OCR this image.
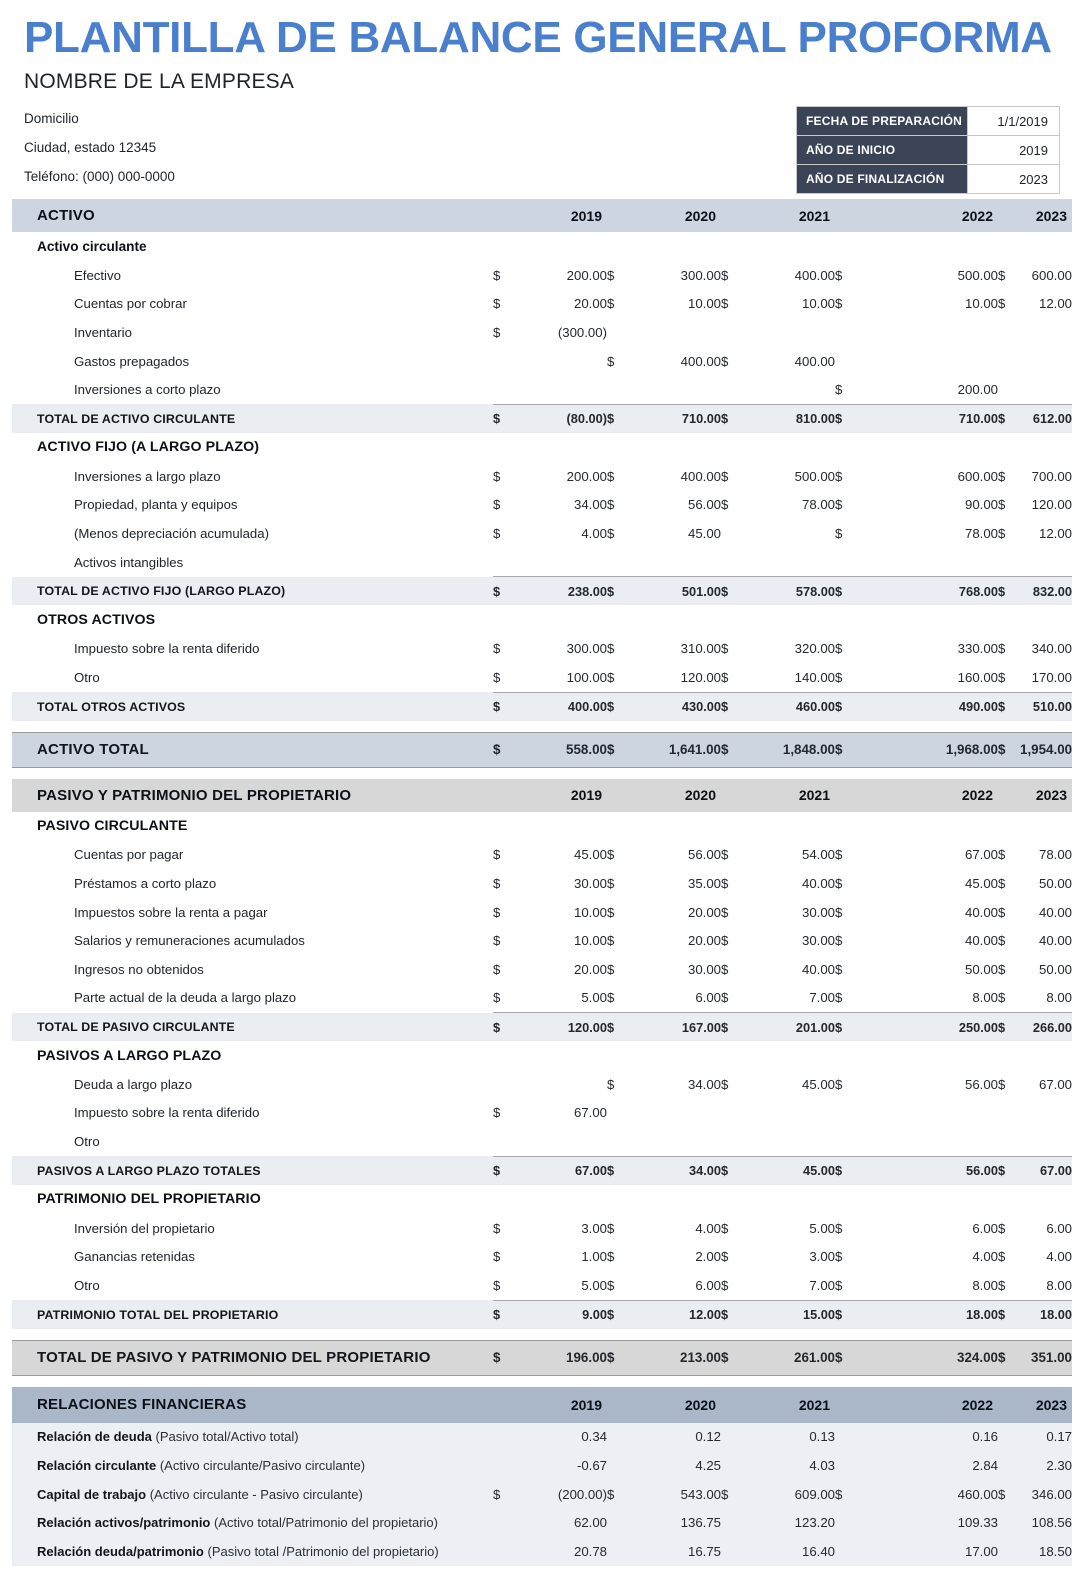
PLANTILLA DE BALANCE GENERAL PROFORMA
NOMBRE DE LA EMPRESA
Domicilio
Ciudad, estado 12345
Teléfono: (000) 000-0000
FECHA DE PREPARACIÓN	1/1/2019
AÑO DE INICIO	2019
AÑO DE FINALIZACIÓN	2023
ACTIVO		2019		2020		2021		2022		2023
Activo circulante										
Efectivo	$	200.00	$	300.00	$	400.00	$	500.00	$	600.00
Cuentas por cobrar	$	20.00	$	10.00	$	10.00	$	10.00	$	12.00
Inventario	$	(300.00)								
Gastos prepagados			$	400.00	$	400.00				
Inversiones a corto plazo							$	200.00		
TOTAL DE ACTIVO CIRCULANTE	$	(80.00)	$	710.00	$	810.00	$	710.00	$	612.00
ACTIVO FIJO (A LARGO PLAZO)										
Inversiones a largo plazo	$	200.00	$	400.00	$	500.00	$	600.00	$	700.00
Propiedad, planta y equipos	$	34.00	$	56.00	$	78.00	$	90.00	$	120.00
(Menos depreciación acumulada)	$	4.00	$	45.00			$	78.00	$	12.00
Activos intangibles										
TOTAL DE ACTIVO FIJO (LARGO PLAZO)	$	238.00	$	501.00	$	578.00	$	768.00	$	832.00
OTROS ACTIVOS										
Impuesto sobre la renta diferido	$	300.00	$	310.00	$	320.00	$	330.00	$	340.00
Otro	$	100.00	$	120.00	$	140.00	$	160.00	$	170.00
TOTAL OTROS ACTIVOS	$	400.00	$	430.00	$	460.00	$	490.00	$	510.00

ACTIVO TOTAL	$	558.00	$	1,641.00	$	1,848.00	$	1,968.00	$	1,954.00

PASIVO Y PATRIMONIO DEL PROPIETARIO		2019		2020		2021		2022		2023
PASIVO CIRCULANTE										
Cuentas por pagar	$	45.00	$	56.00	$	54.00	$	67.00	$	78.00
Préstamos a corto plazo	$	30.00	$	35.00	$	40.00	$	45.00	$	50.00
Impuestos sobre la renta a pagar	$	10.00	$	20.00	$	30.00	$	40.00	$	40.00
Salarios y remuneraciones acumulados	$	10.00	$	20.00	$	30.00	$	40.00	$	40.00
Ingresos no obtenidos	$	20.00	$	30.00	$	40.00	$	50.00	$	50.00
Parte actual de la deuda a largo plazo	$	5.00	$	6.00	$	7.00	$	8.00	$	8.00
TOTAL DE PASIVO CIRCULANTE	$	120.00	$	167.00	$	201.00	$	250.00	$	266.00
PASIVOS A LARGO PLAZO										
Deuda a largo plazo			$	34.00	$	45.00	$	56.00	$	67.00
Impuesto sobre la renta diferido	$	67.00								
Otro										
PASIVOS A LARGO PLAZO TOTALES	$	67.00	$	34.00	$	45.00	$	56.00	$	67.00
PATRIMONIO DEL PROPIETARIO										
Inversión del propietario	$	3.00	$	4.00	$	5.00	$	6.00	$	6.00
Ganancias retenidas	$	1.00	$	2.00	$	3.00	$	4.00	$	4.00
Otro	$	5.00	$	6.00	$	7.00	$	8.00	$	8.00
PATRIMONIO TOTAL DEL PROPIETARIO	$	9.00	$	12.00	$	15.00	$	18.00	$	18.00

TOTAL DE PASIVO Y PATRIMONIO DEL PROPIETARIO	$	196.00	$	213.00	$	261.00	$	324.00	$	351.00

RELACIONES FINANCIERAS		2019		2020		2021		2022		2023
Relación de deuda (Pasivo total/Activo total)		0.34		0.12		0.13		0.16		0.17
Relación circulante (Activo circulante/Pasivo circulante)		-0.67		4.25		4.03		2.84		2.30
Capital de trabajo (Activo circulante - Pasivo circulante)	$	(200.00)	$	543.00	$	609.00	$	460.00	$	346.00
Relación activos/patrimonio (Activo total/Patrimonio del propietario)		62.00		136.75		123.20		109.33		108.56
Relación deuda/patrimonio (Pasivo total /Patrimonio del propietario)		20.78		16.75		16.40		17.00		18.50
